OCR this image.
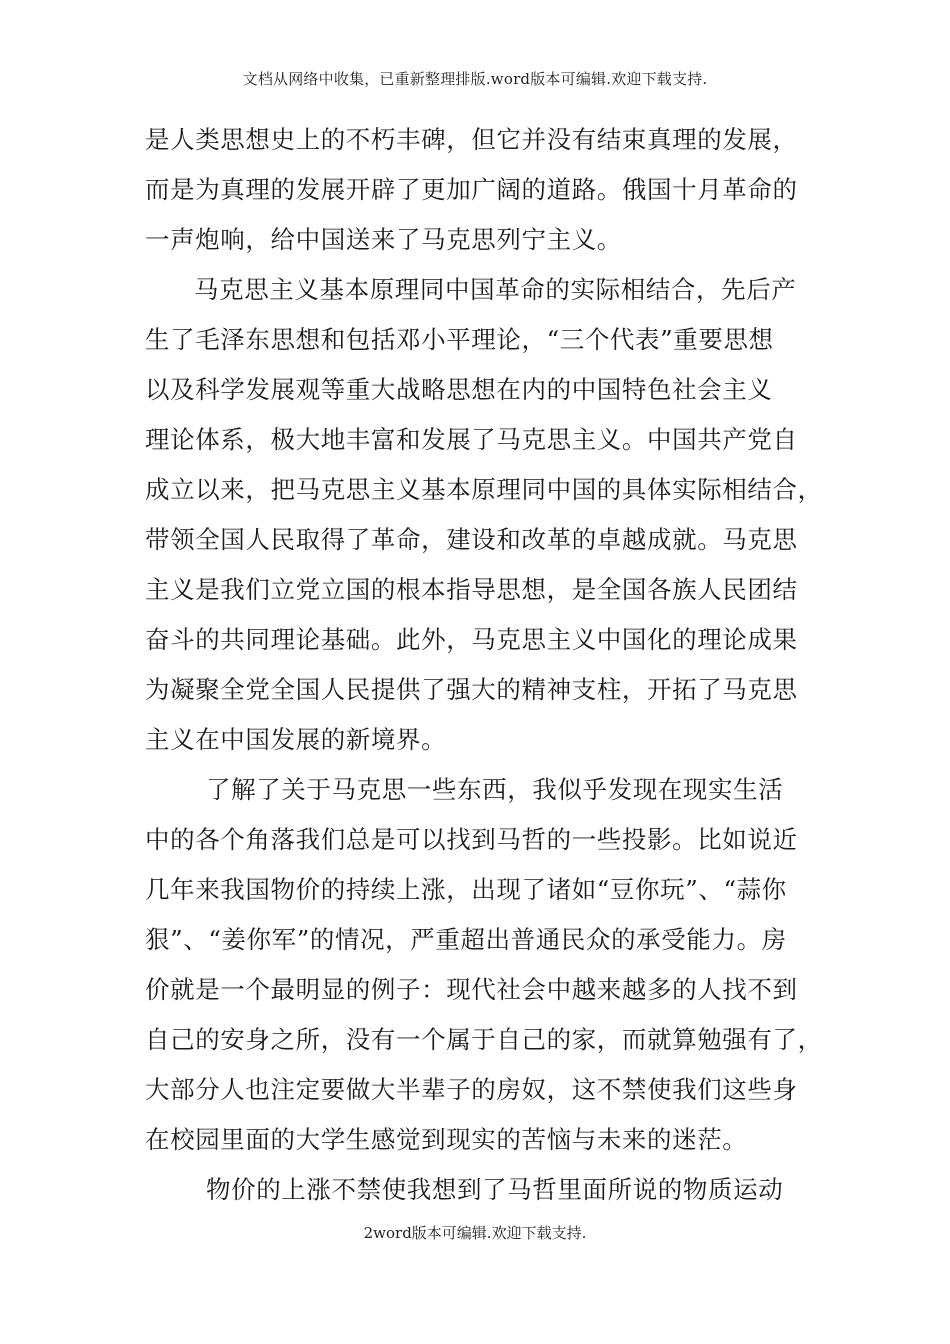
文档从网络中收集，已重新整理排版.word版本可编辑.欢迎下载支持.
是人类思想史上的不朽丰碑，但它并没有结束真理的发展，
而是为真理的发展开辟了更加广阔的道路。俄国十月革命的
一声炮响，给中国送来了马克思列宁主义。
马克思主义基本原理同中国革命的实际相结合，先后产
生了毛泽东思想和包括邓小平理论，“三个代表”重要思想
以及科学发展观等重大战略思想在内的中国特色社会主义
理论体系，极大地丰富和发展了马克思主义。中国共产党自
成立以来，把马克思主义基本原理同中国的具体实际相结合，
带领全国人民取得了革命，建设和改革的卓越成就。马克思
主义是我们立党立国的根本指导思想，是全国各族人民团结
奋斗的共同理论基础。此外，马克思主义中国化的理论成果
为凝聚全党全国人民提供了强大的精神支柱，开拓了马克思
主义在中国发展的新境界。
了解了关于马克思一些东西，我似乎发现在现实生活
中的各个角落我们总是可以找到马哲的一些投影。比如说近
几年来我国物价的持续上涨，出现了诸如“豆你玩”、“蒜你
狠”、“姜你军”的情况，严重超出普通民众的承受能力。房
价就是一个最明显的例子：现代社会中越来越多的人找不到
自己的安身之所，没有一个属于自己的家，而就算勉强有了，
大部分人也注定要做大半辈子的房奴，这不禁使我们这些身
在校园里面的大学生感觉到现实的苦恼与未来的迷茫。
物价的上涨不禁使我想到了马哲里面所说的物质运动
2word版本可编辑.欢迎下载支持.
